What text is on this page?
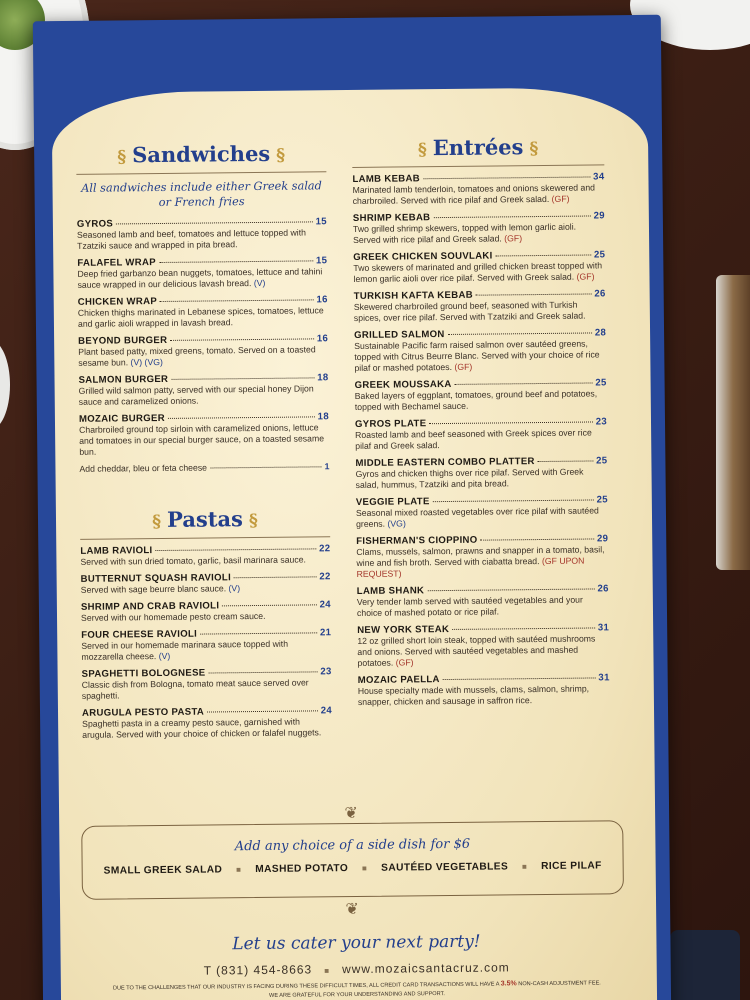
§ Sandwiches §
All sandwiches include either Greek salad or French fries
GYROS	15
Seasoned lamb and beef, tomatoes and lettuce topped with Tzatziki sauce and wrapped in pita bread.
FALAFEL WRAP	15
Deep fried garbanzo bean nuggets, tomatoes, lettuce and tahini sauce wrapped in our delicious lavash bread. (V)
CHICKEN WRAP	16
Chicken thighs marinated in Lebanese spices, tomatoes, lettuce and garlic aioli wrapped in lavash bread.
BEYOND BURGER	16
Plant based patty, mixed greens, tomato. Served on a toasted sesame bun. (V) (VG)
SALMON BURGER	18
Grilled wild salmon patty, served with our special honey Dijon sauce and caramelized onions.
MOZAIC BURGER	18
Charbroiled ground top sirloin with caramelized onions, lettuce and tomatoes in our special burger sauce, on a toasted sesame bun.
Add cheddar, bleu or feta cheese	1
§ Pastas §
LAMB RAVIOLI	22
Served with sun dried tomato, garlic, basil marinara sauce.
BUTTERNUT SQUASH RAVIOLI	22
Served with sage beurre blanc sauce. (V)
SHRIMP AND CRAB RAVIOLI	24
Served with our homemade pesto cream sauce.
FOUR CHEESE RAVIOLI	21
Served in our homemade marinara sauce topped with mozzarella cheese. (V)
SPAGHETTI BOLOGNESE	23
Classic dish from Bologna, tomato meat sauce served over spaghetti.
ARUGULA PESTO PASTA	24
Spaghetti pasta in a creamy pesto sauce, garnished with arugula. Served with your choice of chicken or falafel nuggets.
§ Entrées §
LAMB KEBAB	34
Marinated lamb tenderloin, tomatoes and onions skewered and charbroiled. Served with rice pilaf and Greek salad. (GF)
SHRIMP KEBAB	29
Two grilled shrimp skewers, topped with lemon garlic aioli. Served with rice pilaf and Greek salad. (GF)
GREEK CHICKEN SOUVLAKI	25
Two skewers of marinated and grilled chicken breast topped with lemon garlic aioli over rice pilaf. Served with Greek salad. (GF)
TURKISH KAFTA KEBAB	26
Skewered charbroiled ground beef, seasoned with Turkish spices, over rice pilaf. Served with Tzatziki and Greek salad.
GRILLED SALMON	28
Sustainable Pacific farm raised salmon over sautéed greens, topped with Citrus Beurre Blanc. Served with your choice of rice pilaf or mashed potatoes. (GF)
GREEK MOUSSAKA	25
Baked layers of eggplant, tomatoes, ground beef and potatoes, topped with Bechamel sauce.
GYROS PLATE	23
Roasted lamb and beef seasoned with Greek spices over rice pilaf and Greek salad.
MIDDLE EASTERN COMBO PLATTER	25
Gyros and chicken thighs over rice pilaf. Served with Greek salad, hummus, Tzatziki and pita bread.
VEGGIE PLATE	25
Seasonal mixed roasted vegetables over rice pilaf with sautéed greens. (VG)
FISHERMAN'S CIOPPINO	29
Clams, mussels, salmon, prawns and snapper in a tomato, basil, wine and fish broth. Served with ciabatta bread. (GF UPON REQUEST)
LAMB SHANK	26
Very tender lamb served with sautéed vegetables and your choice of mashed potato or rice pilaf.
NEW YORK STEAK	31
12 oz grilled short loin steak, topped with sautéed mushrooms and onions. Served with sautéed vegetables and mashed potatoes. (GF)
MOZAIC PAELLA	31
House specialty made with mussels, clams, salmon, shrimp, snapper, chicken and sausage in saffron rice.
❦
Add any choice of a side dish for $6
SMALL GREEK SALAD ■ MASHED POTATO ■ SAUTÉED VEGETABLES ■ RICE PILAF
❦
Let us cater your next party!
T (831) 454-8663 ■ www.mozaicsantacruz.com
DUE TO THE CHALLENGES THAT OUR INDUSTRY IS FACING DURING THESE DIFFICULT TIMES, ALL CREDIT CARD TRANSACTIONS WILL HAVE A 3.5% NON-CASH ADJUSTMENT FEE.
WE ARE GRATEFUL FOR YOUR UNDERSTANDING AND SUPPORT.
